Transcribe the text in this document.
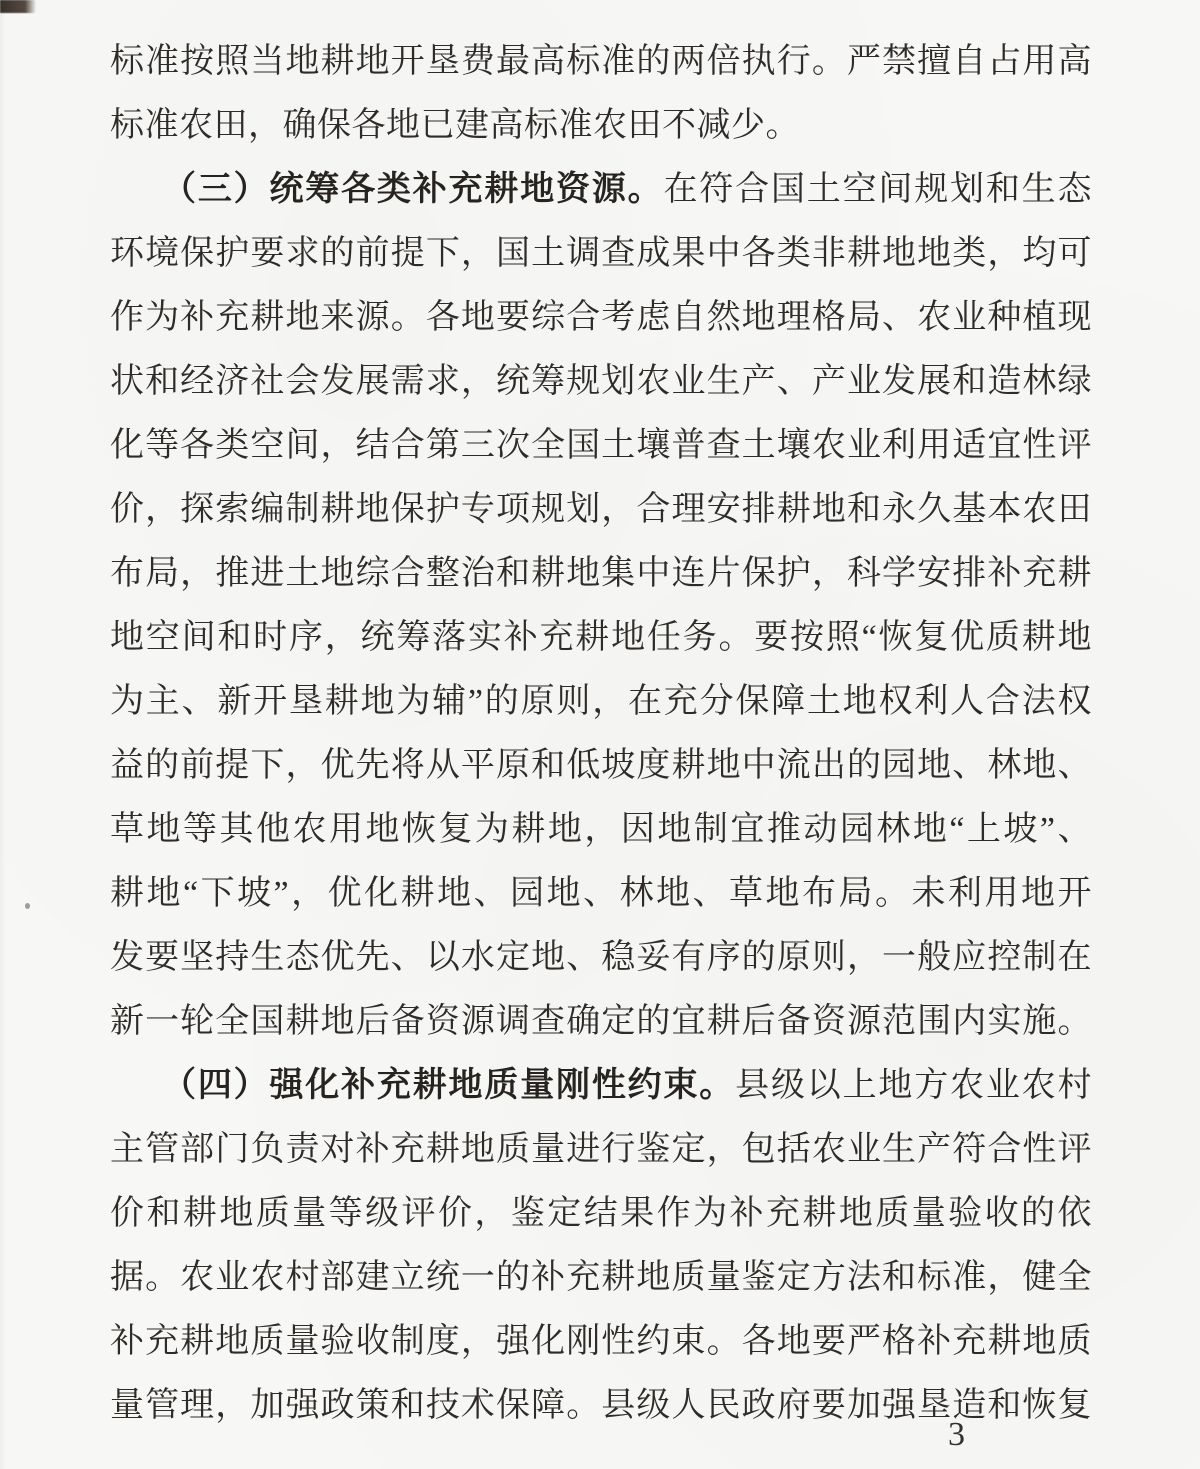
标准按照当地耕地开垦费最高标准的两倍执行。严禁擅自占用高
标准农田，确保各地已建高标准农田不减少。
（三）统筹各类补充耕地资源。在符合国土空间规划和生态
环境保护要求的前提下，国土调查成果中各类非耕地地类，均可
作为补充耕地来源。各地要综合考虑自然地理格局、农业种植现
状和经济社会发展需求，统筹规划农业生产、产业发展和造林绿
化等各类空间，结合第三次全国土壤普查土壤农业利用适宜性评
价，探索编制耕地保护专项规划，合理安排耕地和永久基本农田
布局，推进土地综合整治和耕地集中连片保护，科学安排补充耕
地空间和时序，统筹落实补充耕地任务。要按照“恢复优质耕地
为主、新开垦耕地为辅”的原则，在充分保障土地权利人合法权
益的前提下，优先将从平原和低坡度耕地中流出的园地、林地、
草地等其他农用地恢复为耕地，因地制宜推动园林地“上坡”、
耕地“下坡”，优化耕地、园地、林地、草地布局。未利用地开
发要坚持生态优先、以水定地、稳妥有序的原则，一般应控制在
新一轮全国耕地后备资源调查确定的宜耕后备资源范围内实施。
（四）强化补充耕地质量刚性约束。县级以上地方农业农村
主管部门负责对补充耕地质量进行鉴定，包括农业生产符合性评
价和耕地质量等级评价，鉴定结果作为补充耕地质量验收的依
据。农业农村部建立统一的补充耕地质量鉴定方法和标准，健全
补充耕地质量验收制度，强化刚性约束。各地要严格补充耕地质
量管理，加强政策和技术保障。县级人民政府要加强垦造和恢复
3
